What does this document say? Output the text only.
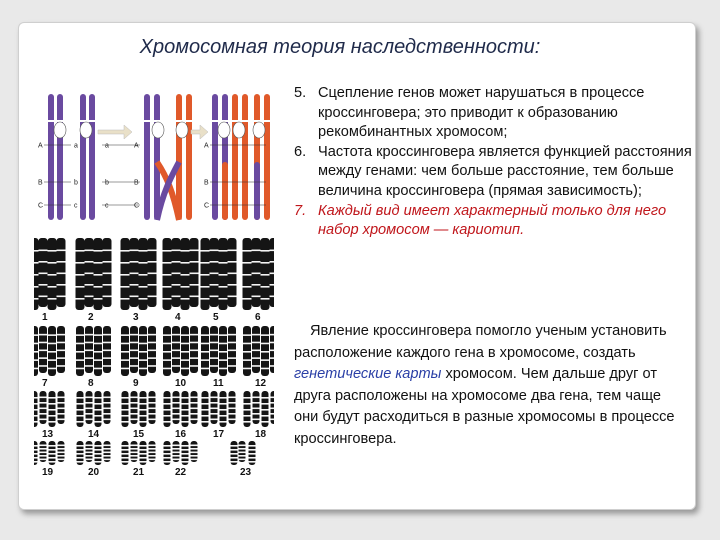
Хромосомная теория наследственности:
A	a
B	b
C	c
A
a
B
b
C
c
A
B
C
1	2	3	4	5	6
7	8	9	10	11	12
13	14	15	16	17	18
19	20	21	22	23
5. Сцепление генов может нарушаться в процессе кроссинговера; это приводит к образованию рекомбинантных хромосом;
6. Частота кроссинговера является функцией расстояния между генами: чем больше расстояние, тем больше величина кроссинговера (прямая зависимость);
7. Каждый вид имеет характерный только для него набор хромосом — кариотип.
Явление кроссинговера помогло ученым установить расположение каждого гена в хромосоме, создать генетические карты хромосом. Чем дальше друг от друга расположены на хромосоме два гена, тем чаще они будут расходиться в разные хромосомы в процессе кроссинговера.
